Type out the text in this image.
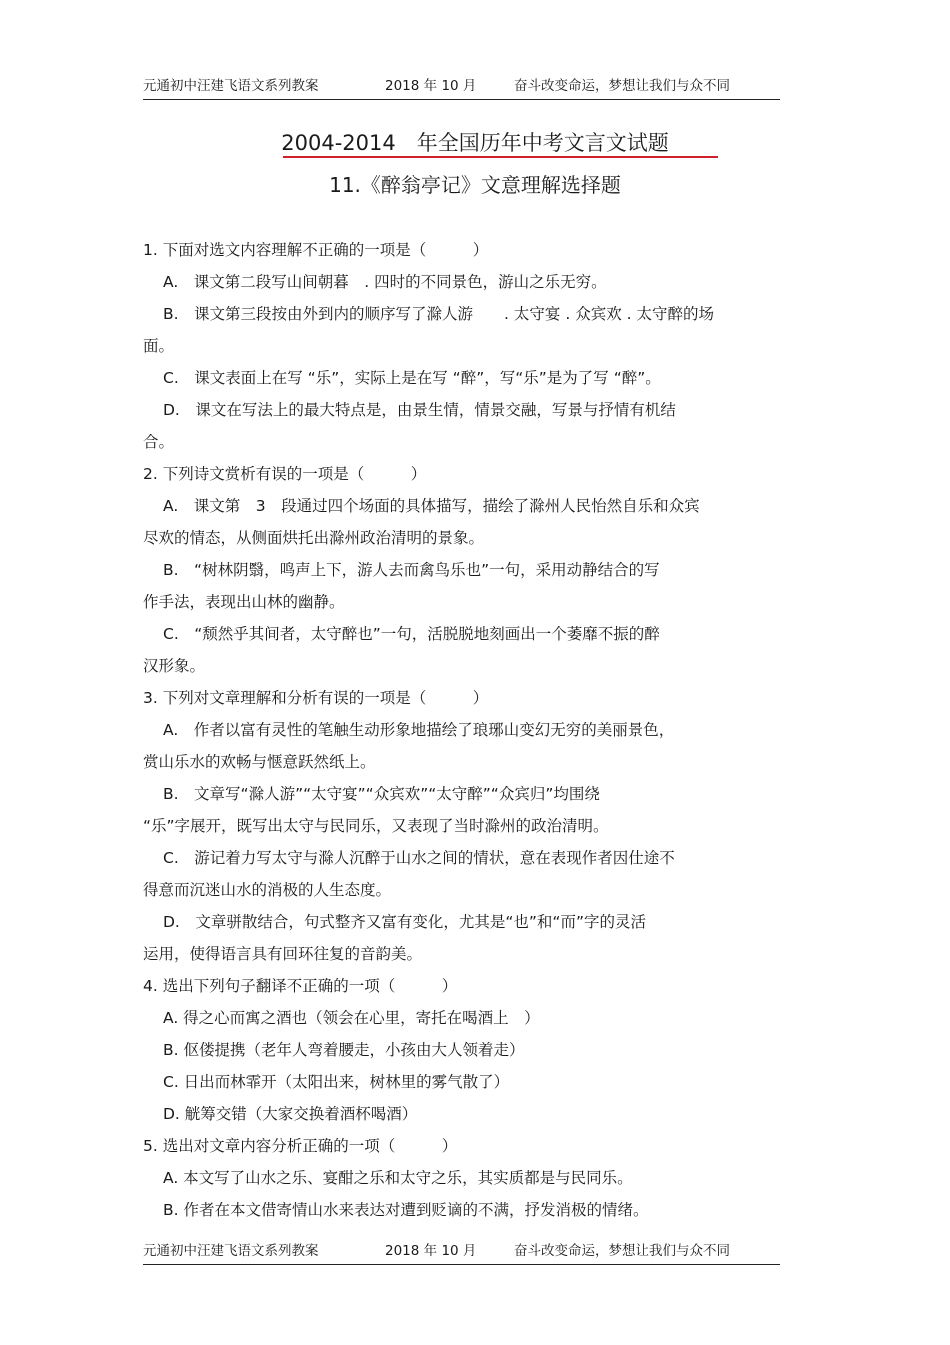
元通初中汪建飞语文系列教案	2018 年 10 月	奋斗改变命运，梦想让我们与众不同
2004-2014　年全国历年中考文言文试题
11.《醉翁亭记》文意理解选择题
1. 下面对选文内容理解不正确的一项是（　　　）
A.　课文第二段写山间朝暮　. 四时的不同景色，游山之乐无穷。
B.　课文第三段按由外到内的顺序写了滁人游　　. 太守宴 . 众宾欢 . 太守醉的场
面。
C.　课文表面上在写 “乐”，实际上是在写 “醉”，写“乐”是为了写 “醉”。
D.　课文在写法上的最大特点是，由景生情，情景交融，写景与抒情有机结
合。
2. 下列诗文赏析有误的一项是（　　　）
A.　课文第　3　段通过四个场面的具体描写，描绘了滁州人民怡然自乐和众宾
尽欢的情态，从侧面烘托出滁州政治清明的景象。
B.　“树林阴翳，鸣声上下，游人去而禽鸟乐也”一句，采用动静结合的写
作手法，表现出山林的幽静。
C.　“颓然乎其间者，太守醉也”一句，活脱脱地刻画出一个萎靡不振的醉
汉形象。
3. 下列对文章理解和分析有误的一项是（　　　）
A.　作者以富有灵性的笔触生动形象地描绘了琅琊山变幻无穷的美丽景色，
赏山乐水的欢畅与惬意跃然纸上。
B.　文章写“滁人游”“太守宴”“众宾欢”“太守醉”“众宾归”均围绕
“乐”字展开，既写出太守与民同乐，又表现了当时滁州的政治清明。
C.　游记着力写太守与滁人沉醉于山水之间的情状，意在表现作者因仕途不
得意而沉迷山水的消极的人生态度。
D.　文章骈散结合，句式整齐又富有变化，尤其是“也”和“而”字的灵活
运用，使得语言具有回环往复的音韵美。
4. 选出下列句子翻译不正确的一项（　　　）
A. 得之心而寓之酒也（领会在心里，寄托在喝酒上　）
B. 伛偻提携（老年人弯着腰走，小孩由大人领着走）
C. 日出而林霏开（太阳出来，树林里的雾气散了）
D. 觥筹交错（大家交换着酒杯喝酒）
5. 选出对文章内容分析正确的一项（　　　）
A. 本文写了山水之乐、宴酣之乐和太守之乐，其实质都是与民同乐。
B. 作者在本文借寄情山水来表达对遭到贬谪的不满，抒发消极的情绪。
元通初中汪建飞语文系列教案	2018 年 10 月	奋斗改变命运，梦想让我们与众不同
